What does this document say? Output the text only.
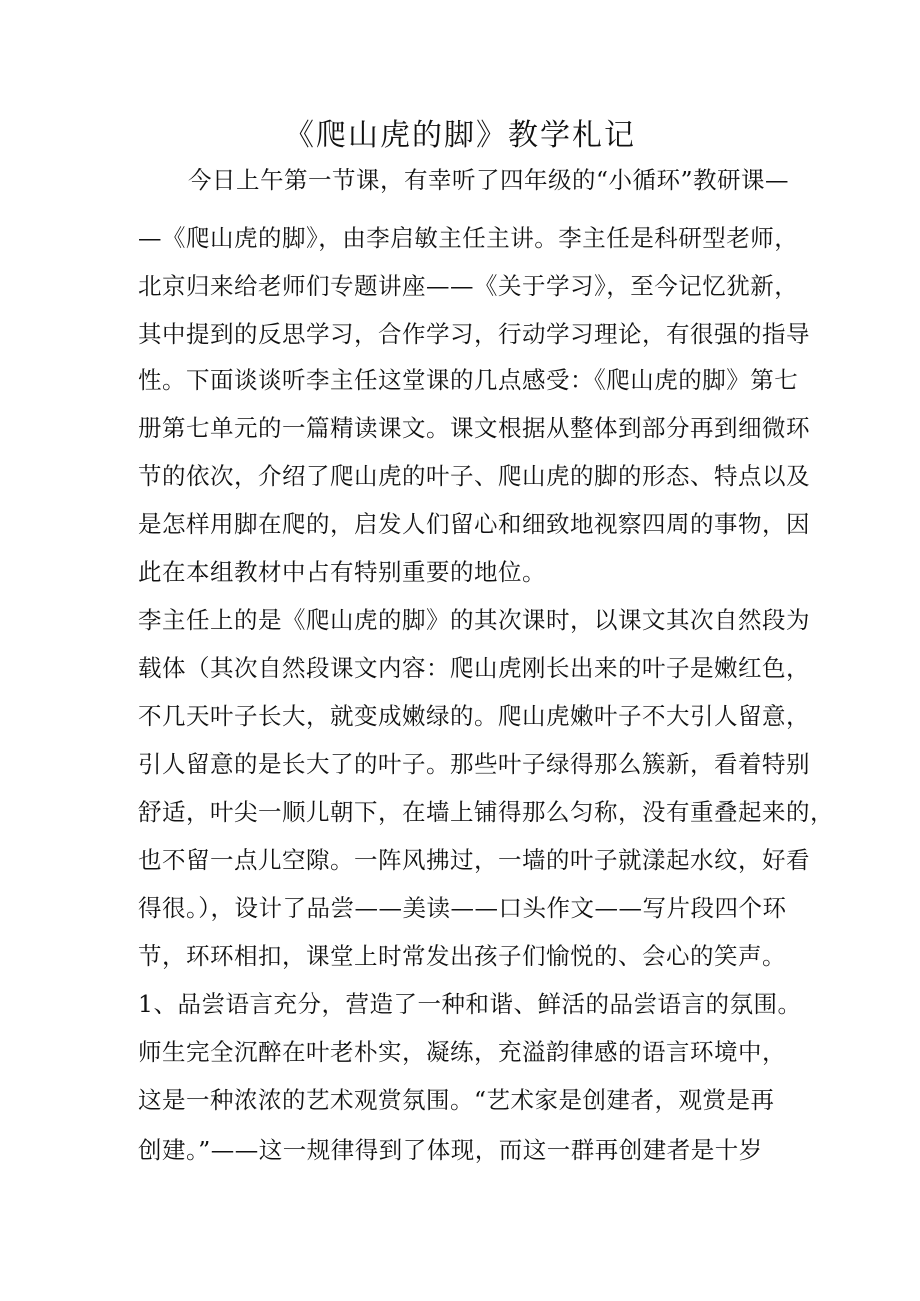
《爬山虎的脚》教学札记
今日上午第一节课，有幸听了四年级的“小循环”教研课—
—《爬山虎的脚》，由李启敏主任主讲。李主任是科研型老师，
北京归来给老师们专题讲座——《关于学习》，至今记忆犹新，
其中提到的反思学习，合作学习，行动学习理论，有很强的指导
性。下面谈谈听李主任这堂课的几点感受：《爬山虎的脚》第七
册第七单元的一篇精读课文。课文根据从整体到部分再到细微环
节的依次，介绍了爬山虎的叶子、爬山虎的脚的形态、特点以及
是怎样用脚在爬的，启发人们留心和细致地视察四周的事物，因
此在本组教材中占有特别重要的地位。
李主任上的是《爬山虎的脚》的其次课时，以课文其次自然段为
载体（其次自然段课文内容：爬山虎刚长出来的叶子是嫩红色，
不几天叶子长大，就变成嫩绿的。爬山虎嫩叶子不大引人留意，
引人留意的是长大了的叶子。那些叶子绿得那么簇新，看着特别
舒适，叶尖一顺儿朝下，在墙上铺得那么匀称，没有重叠起来的，
也不留一点儿空隙。一阵风拂过，一墙的叶子就漾起水纹，好看
得很。），设计了品尝——美读——口头作文——写片段四个环
节，环环相扣，课堂上时常发出孩子们愉悦的、会心的笑声。
1、品尝语言充分，营造了一种和谐、鲜活的品尝语言的氛围。
师生完全沉醉在叶老朴实，凝练，充溢韵律感的语言环境中，
这是一种浓浓的艺术观赏氛围。“艺术家是创建者，观赏是再
创建。”——这一规律得到了体现，而这一群再创建者是十岁
